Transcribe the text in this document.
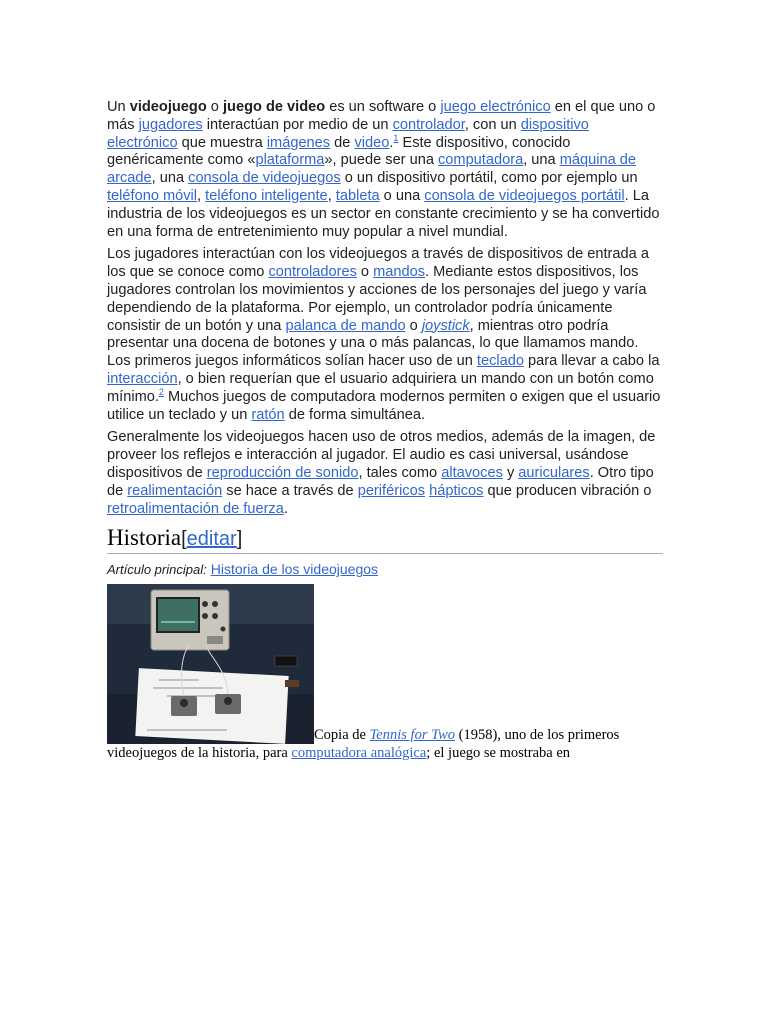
Un videojuego o juego de video es un software o juego electrónico en el que uno o más jugadores interactúan por medio de un controlador, con un dispositivo electrónico que muestra imágenes de video.$^1$ Este dispositivo, conocido genéricamente como «plataforma», puede ser una computadora, una máquina de arcade, una consola de videojuegos o un dispositivo portátil, como por ejemplo un teléfono móvil, teléfono inteligente, tableta o una consola de videojuegos portátil. La industria de los videojuegos es un sector en constante crecimiento y se ha convertido en una forma de entretenimiento muy popular a nivel mundial.

Los jugadores interactúan con los videojuegos a través de dispositivos de entrada a los que se conoce como controladores o mandos. Mediante estos dispositivos, los jugadores controlan los movimientos y acciones de los personajes del juego y varía dependiendo de la plataforma. Por ejemplo, un controlador podría únicamente consistir de un botón y una palanca de mando o joystick, mientras otro podría presentar una docena de botones y una o más palancas, lo que llamamos mando. Los primeros juegos informáticos solían hacer uso de un teclado para llevar a cabo la interacción, o bien requerían que el usuario adquiriera un mando con un botón como mínimo.$^2$ Muchos juegos de computadora modernos permiten o exigen que el usuario utilice un teclado y un ratón de forma simultánea.

Generalmente los videojuegos hacen uso de otros medios, además de la imagen, de proveer los reflejos e interacción al jugador. El audio es casi universal, usándose dispositivos de reproducción de sonido, tales como altavoces y auriculares. Otro tipo de realimentación se hace a través de periféricos hápticos que producen vibración o retroalimentación de fuerza.

Historia[editar]
Artículo principal: Historia de los videojuegos
Copia de Tennis for Two (1958), uno de los primeros videojuegos de la historia, para computadora analógica; el juego se mostraba en
